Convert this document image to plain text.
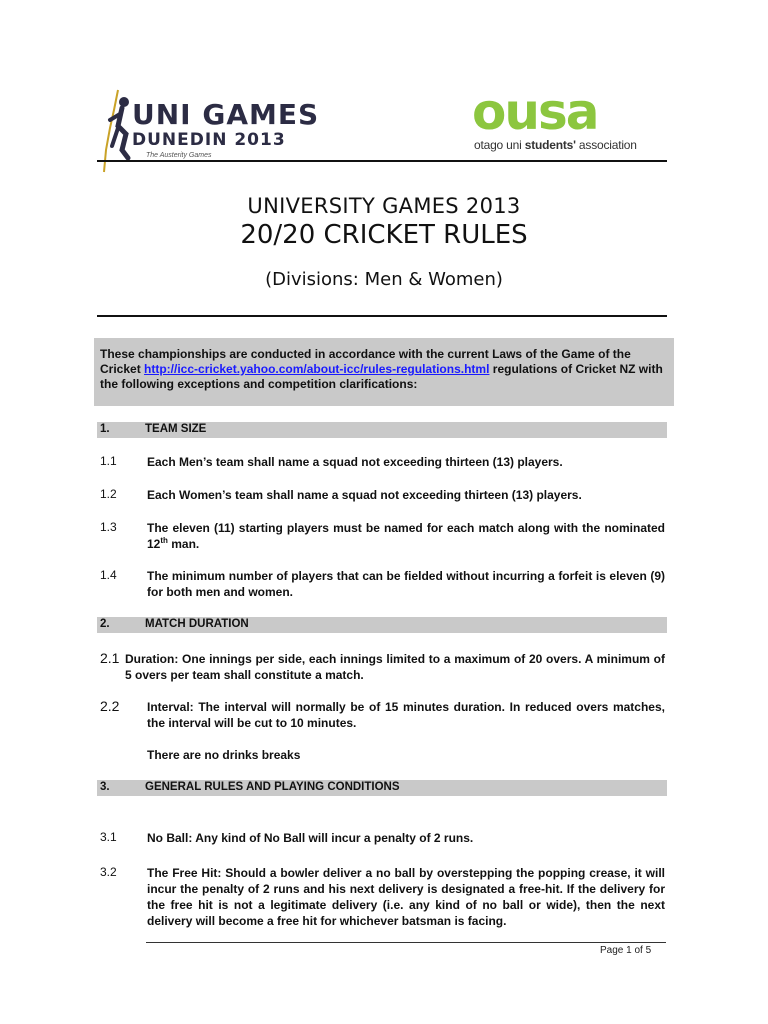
UNI GAMES
DUNEDIN 2013
The Austerity Games
ousa
otago uni students' association
UNIVERSITY GAMES 2013
20/20 CRICKET RULES
(Divisions: Men & Women)
These championships are conducted in accordance with the current Laws of the Game of the Cricket http://icc-cricket.yahoo.com/about-icc/rules-regulations.html regulations of Cricket NZ with the following exceptions and competition clarifications:
1.	TEAM SIZE
1.1	Each Men’s team shall name a squad not exceeding thirteen (13) players.
1.2	Each Women’s team shall name a squad not exceeding thirteen (13) players.
1.3	The eleven (11) starting players must be named for each match along with the nominated 12th man.
1.4	The minimum number of players that can be fielded without incurring a forfeit is eleven (9) for both men and women.
2.	MATCH DURATION
2.1 Duration: One innings per side, each innings limited to a maximum of 20 overs. A minimum of 5 overs per team shall constitute a match.
2.2 Interval: The interval will normally be of 15 minutes duration. In reduced overs matches, the interval will be cut to 10 minutes.
There are no drinks breaks
3.	GENERAL RULES AND PLAYING CONDITIONS
3.1	No Ball: Any kind of No Ball will incur a penalty of 2 runs.
3.2	The Free Hit: Should a bowler deliver a no ball by overstepping the popping crease, it will incur the penalty of 2 runs and his next delivery is designated a free-hit. If the delivery for the free hit is not a legitimate delivery (i.e. any kind of no ball or wide), then the next delivery will become a free hit for whichever batsman is facing.
Page 1 of 5
